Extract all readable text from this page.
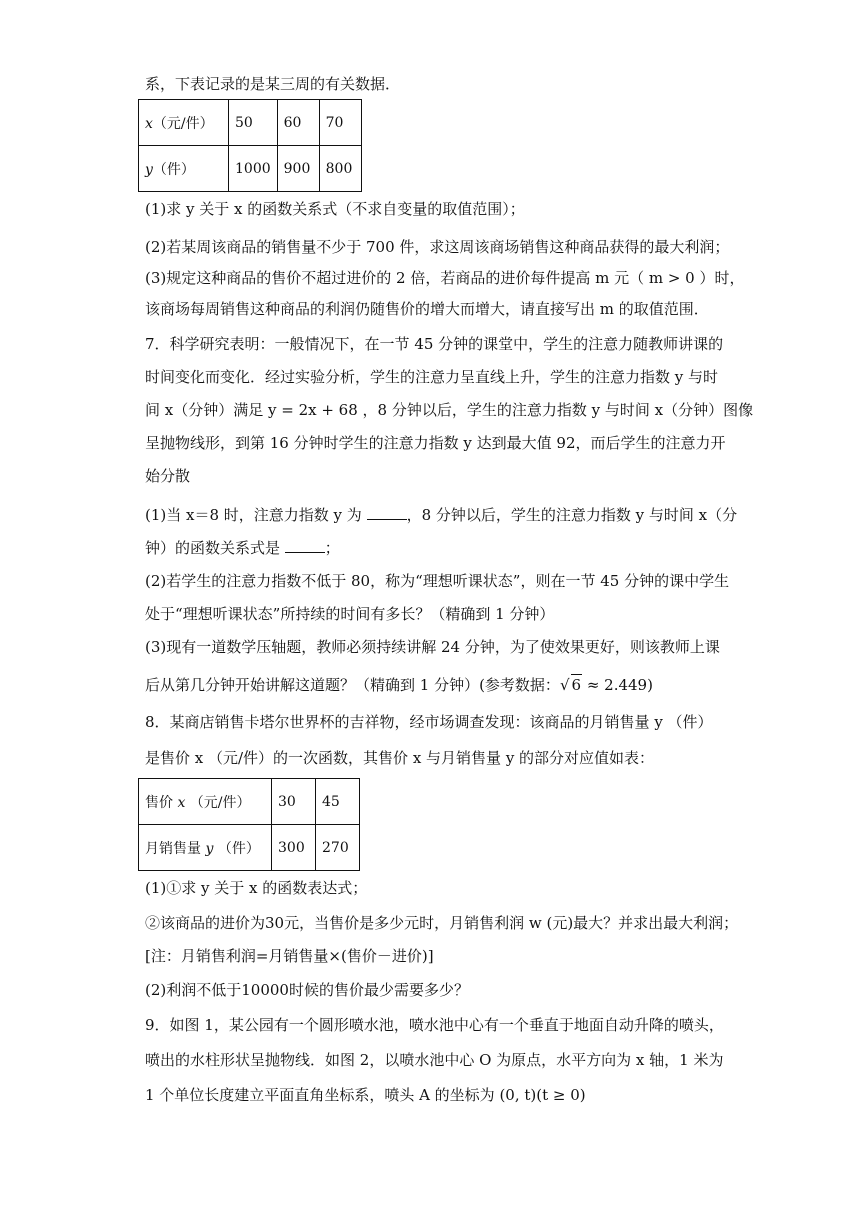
系，下表记录的是某三周的有关数据．
x（元/件）	50	60	70
y（件）	1000	900	800
(1)求 y 关于 x 的函数关系式（不求自变量的取值范围）；
(2)若某周该商品的销售量不少于 700 件，求这周该商场销售这种商品获得的最大利润；
(3)规定这种商品的售价不超过进价的 2 倍，若商品的进价每件提高 m 元（ m > 0 ）时，
该商场每周销售这种商品的利润仍随售价的增大而增大，请直接写出 m 的取值范围．
7．科学研究表明：一般情况下，在一节 45 分钟的课堂中，学生的注意力随教师讲课的
时间变化而变化．经过实验分析，学生的注意力呈直线上升，学生的注意力指数 y 与时
间 x（分钟）满足 y = 2x + 68 ，8 分钟以后，学生的注意力指数 y 与时间 x（分钟）图像
呈抛物线形，到第 16 分钟时学生的注意力指数 y 达到最大值 92，而后学生的注意力开
始分散
(1)当 x＝8 时，注意力指数 y 为	，8 分钟以后，学生的注意力指数 y 与时间 x（分
钟）的函数关系式是	；
(2)若学生的注意力指数不低于 80，称为“理想听课状态”，则在一节 45 分钟的课中学生
处于“理想听课状态”所持续的时间有多长？（精确到 1 分钟）
(3)现有一道数学压轴题，教师必须持续讲解 24 分钟，为了使效果更好，则该教师上课
后从第几分钟开始讲解这道题？（精确到 1 分钟）(参考数据：√ 6 ≈ 2.449)
8．某商店销售卡塔尔世界杯的吉祥物，经市场调查发现：该商品的月销售量 y （件）
是售价 x （元/件）的一次函数，其售价 x 与月销售量 y 的部分对应值如表：
售价 x （元/件）	30	45
月销售量 y （件）	300	270
(1)①求 y 关于 x 的函数表达式；
②该商品的进价为30元，当售价是多少元时，月销售利润 w (元)最大？并求出最大利润；
[注：月销售利润=月销售量×(售价－进价)]
(2)利润不低于10000时候的售价最少需要多少？
9．如图 1，某公园有一个圆形喷水池，喷水池中心有一个垂直于地面自动升降的喷头，
喷出的水柱形状呈抛物线．如图 2，以喷水池中心 O 为原点，水平方向为 x 轴，1 米为
1 个单位长度建立平面直角坐标系，喷头 A 的坐标为 (0, t)(t ≥ 0)
